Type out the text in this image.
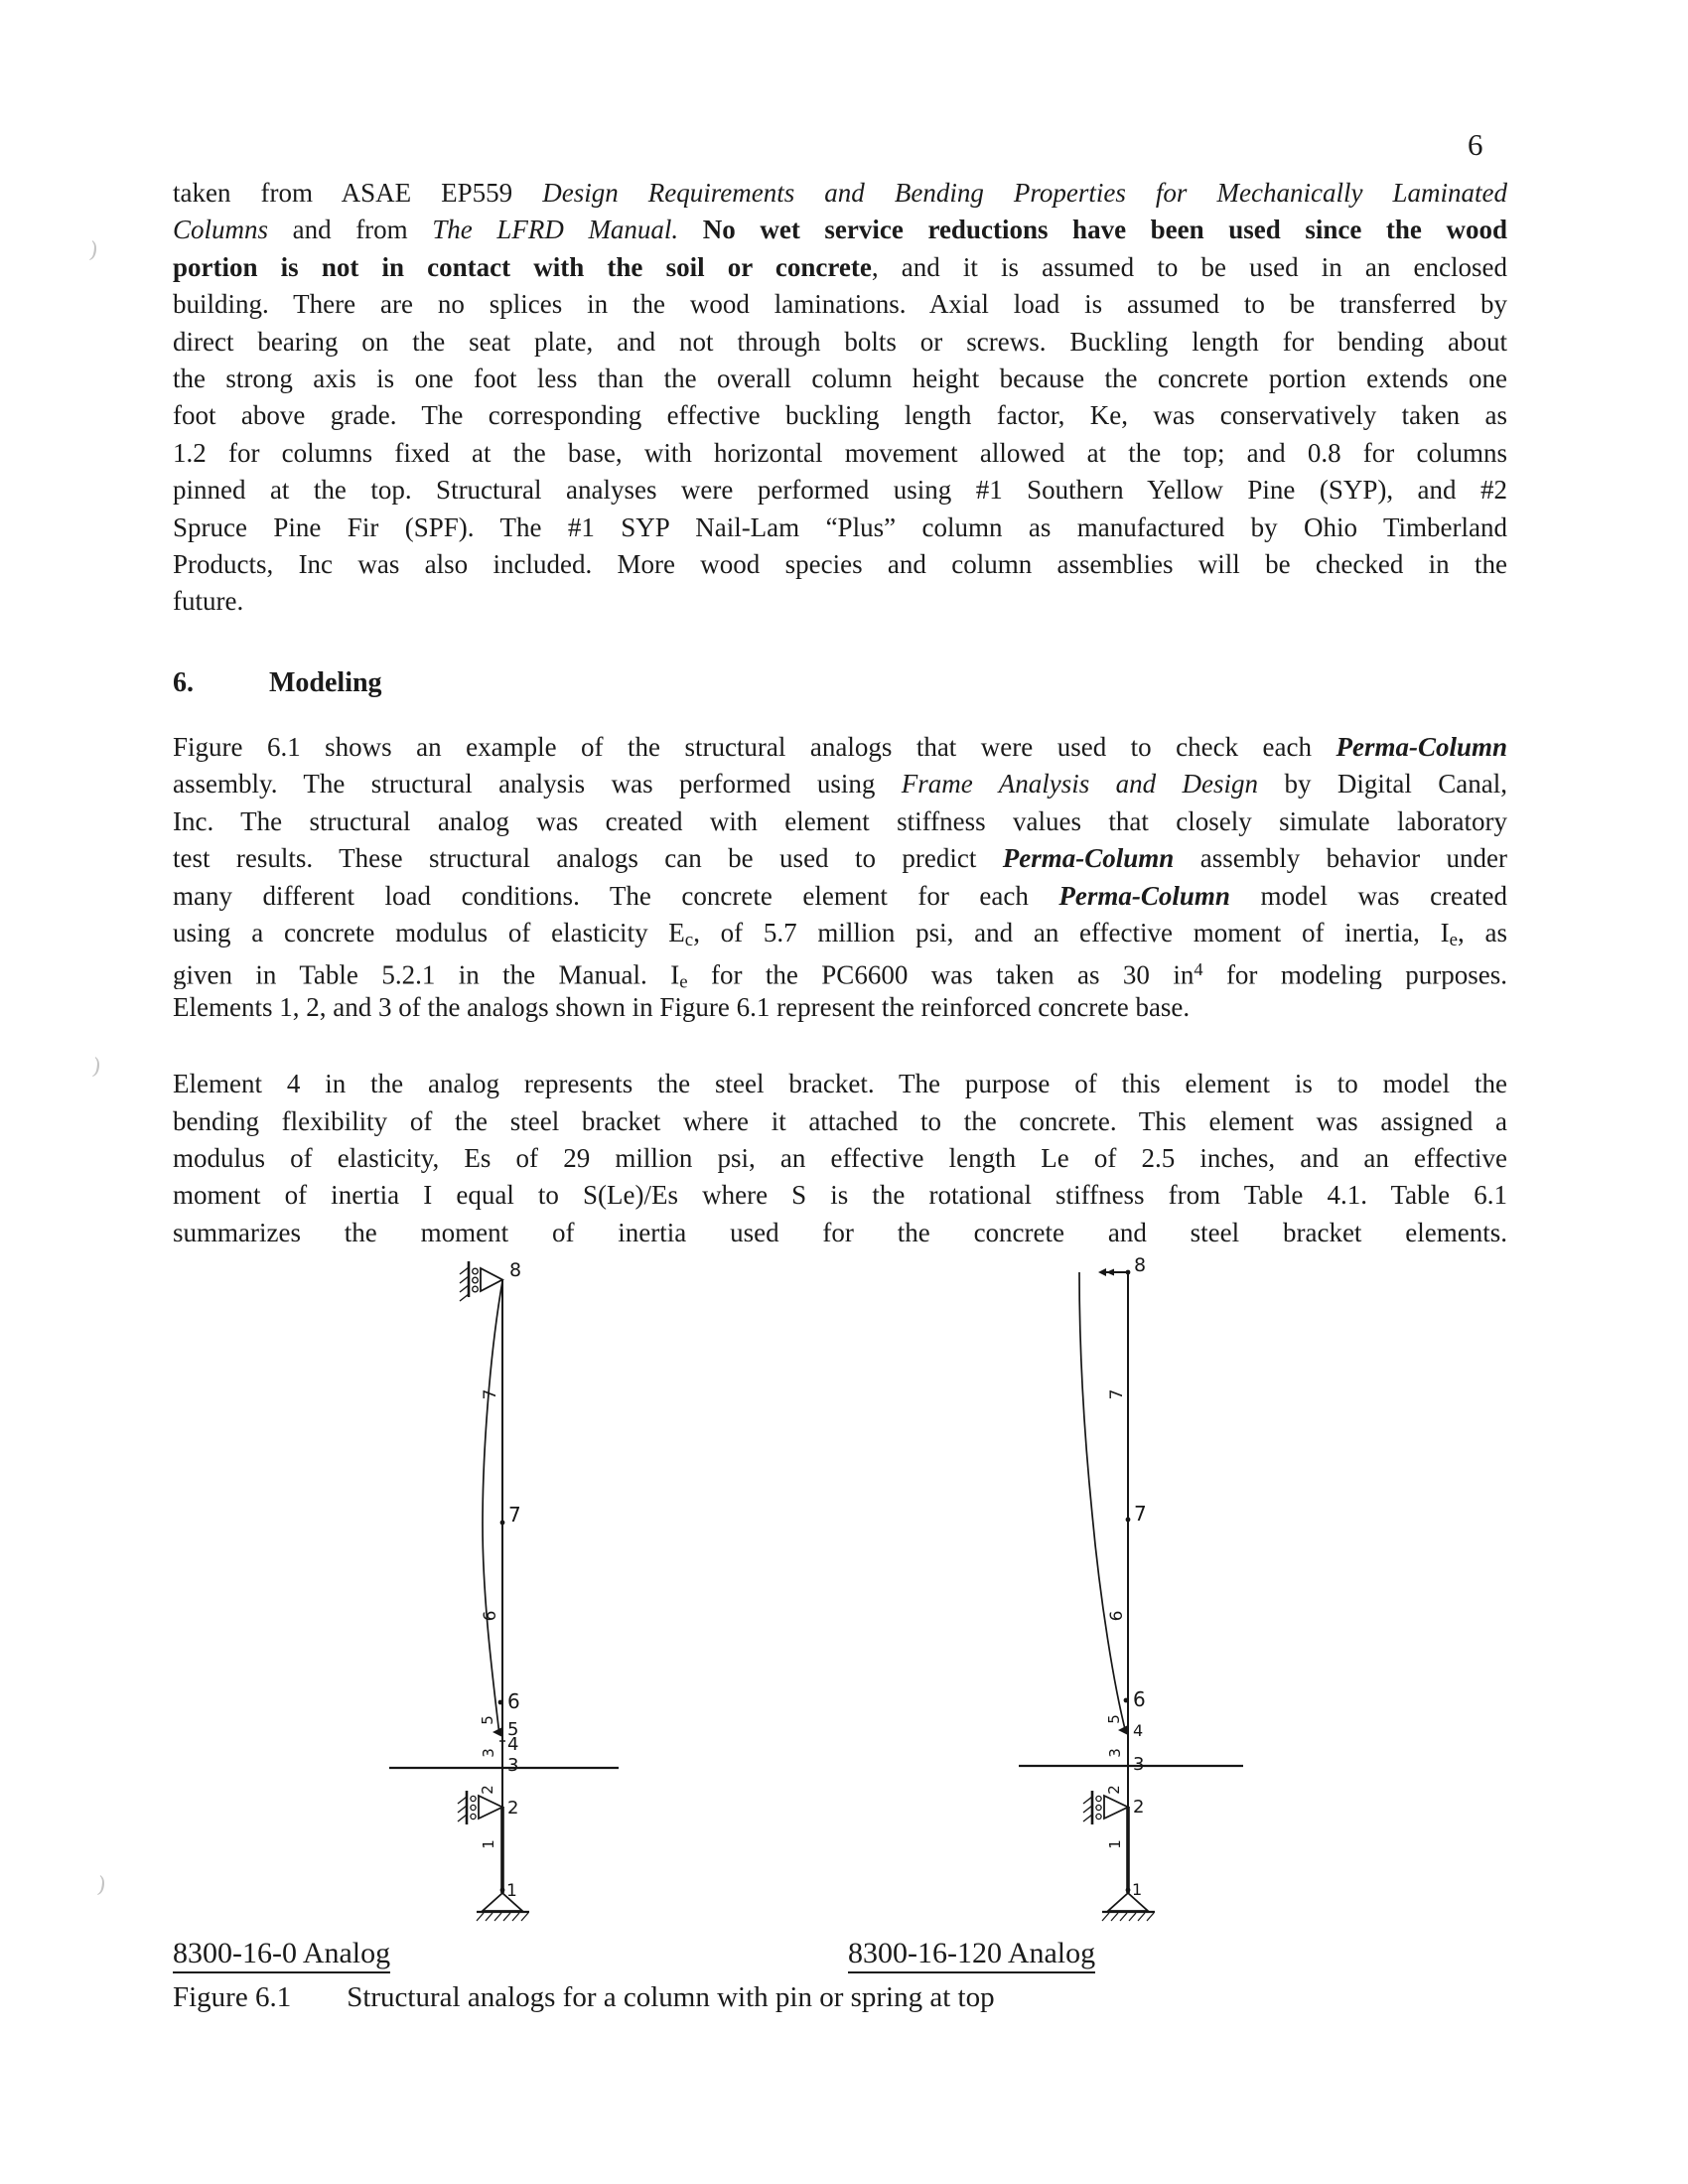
6
)
)
)
taken from ASAE EP559 Design Requirements and Bending Properties for Mechanically Laminated
Columns and from The LFRD Manual. No wet service reductions have been used since the wood
portion is not in contact with the soil or concrete, and it is assumed to be used in an enclosed
building. There are no splices in the wood laminations. Axial load is assumed to be transferred by
direct bearing on the seat plate, and not through bolts or screws. Buckling length for bending about
the strong axis is one foot less than the overall column height because the concrete portion extends one
foot above grade. The corresponding effective buckling length factor, Ke, was conservatively taken as
1.2 for columns fixed at the base, with horizontal movement allowed at the top; and 0.8 for columns
pinned at the top. Structural analyses were performed using #1 Southern Yellow Pine (SYP), and #2
Spruce Pine Fir (SPF). The #1 SYP Nail-Lam “Plus” column as manufactured by Ohio Timberland
Products, Inc was also included. More wood species and column assemblies will be checked in the
future.
6.	Modeling
Figure 6.1 shows an example of the structural analogs that were used to check each Perma-Column
assembly. The structural analysis was performed using Frame Analysis and Design by Digital Canal,
Inc. The structural analog was created with element stiffness values that closely simulate laboratory
test results. These structural analogs can be used to predict Perma-Column assembly behavior under
many different load conditions. The concrete element for each Perma-Column model was created
using a concrete modulus of elasticity $E_c$, of 5.7 million psi, and an effective moment of inertia, $I_e$, as
given in Table 5.2.1 in the Manual. $I_e$ for the PC6600 was taken as 30 $in^4$ for modeling purposes.
Elements 1, 2, and 3 of the analogs shown in Figure 6.1 represent the reinforced concrete base.
Element 4 in the analog represents the steel bracket. The purpose of this element is to model the
bending flexibility of the steel bracket where it attached to the concrete. This element was assigned a
modulus of elasticity, Es of 29 million psi, an effective length Le of 2.5 inches, and an effective
moment of inertia I equal to S(Le)/Es where S is the rotational stiffness from Table 4.1. Table 6.1
summarizes the moment of inertia used for the concrete and steel bracket elements.
8
7
6
5
4
3
2
1
7
6
5
3
2
1
8
7
6
4
3
2
1
7
6
5
3
2
1
8300-16-0 Analog	8300-16-120 Analog
Figure 6.1 Structural analogs for a column with pin or spring at top
